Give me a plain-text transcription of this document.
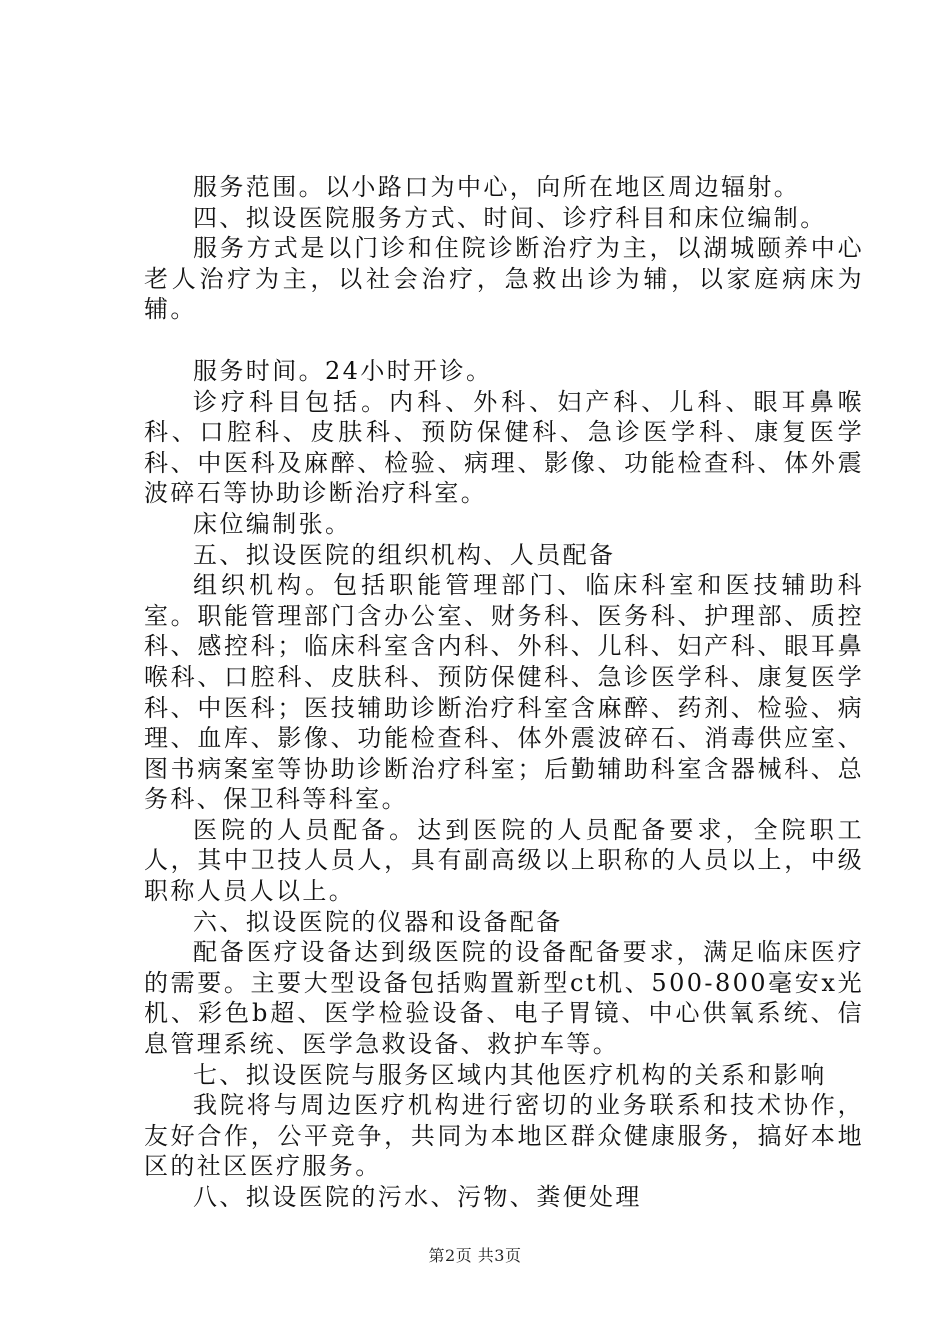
服务范围。以小路口为中心，向所在地区周边辐射。

四、拟设医院服务方式、时间、诊疗科目和床位编制。

服务方式是以门诊和住院诊断治疗为主，以湖城颐养中心老人治疗为主，以社会治疗，急救出诊为辅，以家庭病床为辅。

服务时间。24小时开诊。

诊疗科目包括。内科、外科、妇产科、儿科、眼耳鼻喉科、口腔科、皮肤科、预防保健科、急诊医学科、康复医学科、中医科及麻醉、检验、病理、影像、功能检查科、体外震波碎石等协助诊断治疗科室。

床位编制张。

五、拟设医院的组织机构、人员配备

组织机构。包括职能管理部门、临床科室和医技辅助科室。职能管理部门含办公室、财务科、医务科、护理部、质控科、感控科；临床科室含内科、外科、儿科、妇产科、眼耳鼻喉科、口腔科、皮肤科、预防保健科、急诊医学科、康复医学科、中医科；医技辅助诊断治疗科室含麻醉、药剂、检验、病理、血库、影像、功能检查科、体外震波碎石、消毒供应室、图书病案室等协助诊断治疗科室；后勤辅助科室含器械科、总务科、保卫科等科室。

医院的人员配备。达到医院的人员配备要求，全院职工人，其中卫技人员人，具有副高级以上职称的人员以上，中级职称人员人以上。

六、拟设医院的仪器和设备配备

配备医疗设备达到级医院的设备配备要求，满足临床医疗的需要。主要大型设备包括购置新型ct机、500-800毫安x光机、彩色b超、医学检验设备、电子胃镜、中心供氧系统、信息管理系统、医学急救设备、救护车等。

七、拟设医院与服务区域内其他医疗机构的关系和影响

我院将与周边医疗机构进行密切的业务联系和技术协作，友好合作，公平竞争，共同为本地区群众健康服务，搞好本地区的社区医疗服务。

八、拟设医院的污水、污物、粪便处理

第2页 共3页
